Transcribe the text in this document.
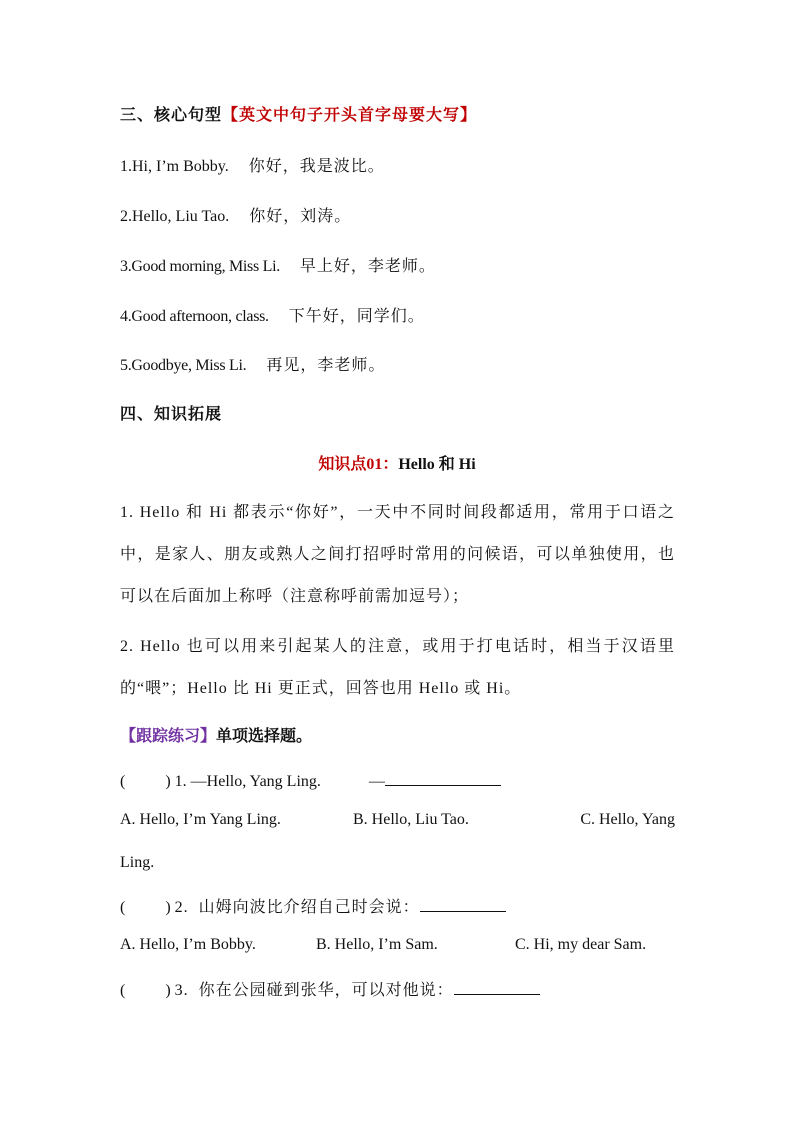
三、核心句型【英文中句子开头首字母要大写】
1.Hi, I’m Bobby. 你好，我是波比。
2.Hello, Liu Tao. 你好，刘涛。
3.Good morning, Miss Li. 早上好，李老师。
4.Good afternoon, class. 下午好，同学们。
5.Goodbye, Miss Li. 再见，李老师。
四、知识拓展
知识点01：Hello 和 Hi
1. Hello 和 Hi 都表示“你好”，一天中不同时间段都适用，常用于口语之中，是家人、朋友或熟人之间打招呼时常用的问候语，可以单独使用，也可以在后面加上称呼（注意称呼前需加逗号）；
2. Hello 也可以用来引起某人的注意，或用于打电话时，相当于汉语里的“喂”；Hello 比 Hi 更正式，回答也用 Hello 或 Hi。
【跟踪练习】单项选择题。
(          ) 1. —Hello, Yang Ling.	—
A. Hello, I’m Yang Ling.	B. Hello, Liu Tao.	C. Hello, Yang
Ling.
(          ) 2.  山姆向波比介绍自己时会说：
A. Hello, I’m Bobby.	B. Hello, I’m Sam.	C. Hi, my dear Sam.
(          ) 3.  你在公园碰到张华，可以对他说：
